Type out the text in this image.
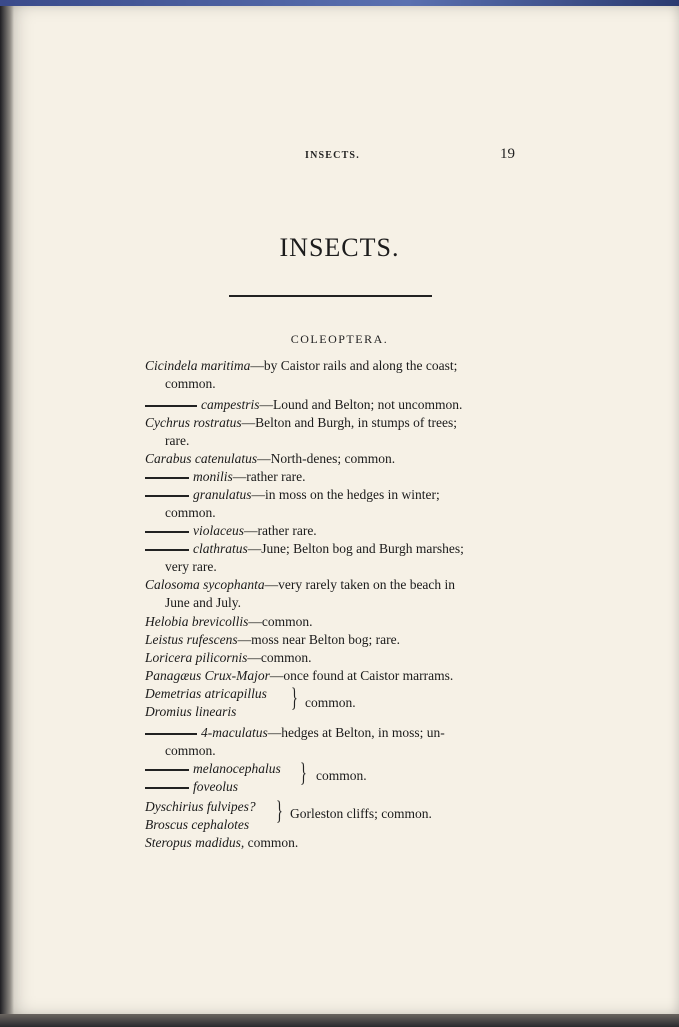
INSECTS.	19
INSECTS.
COLEOPTERA.
Cicindela maritima—by Caistor rails and along the coast;
common.
campestris—Lound and Belton; not uncommon.
Cychrus rostratus—Belton and Burgh, in stumps of trees;
rare.
Carabus catenulatus—North-denes; common.
monilis—rather rare.
granulatus—in moss on the hedges in winter;
common.
violaceus—rather rare.
clathratus—June; Belton bog and Burgh marshes;
very rare.
Calosoma sycophanta—very rarely taken on the beach in
June and July.
Helobia brevicollis—common.
Leistus rufescens—moss near Belton bog; rare.
Loricera pilicornis—common.
Panagæus Crux-Major—once found at Caistor marrams.
Demetrias atricapillus
Dromius linearis } common.
4-maculatus—hedges at Belton, in moss; un-
common.
melanocephalus
foveolus } common.
Dyschirius fulvipes?
Broscus cephalotes } Gorleston cliffs; common.
Steropus madidus, common.
